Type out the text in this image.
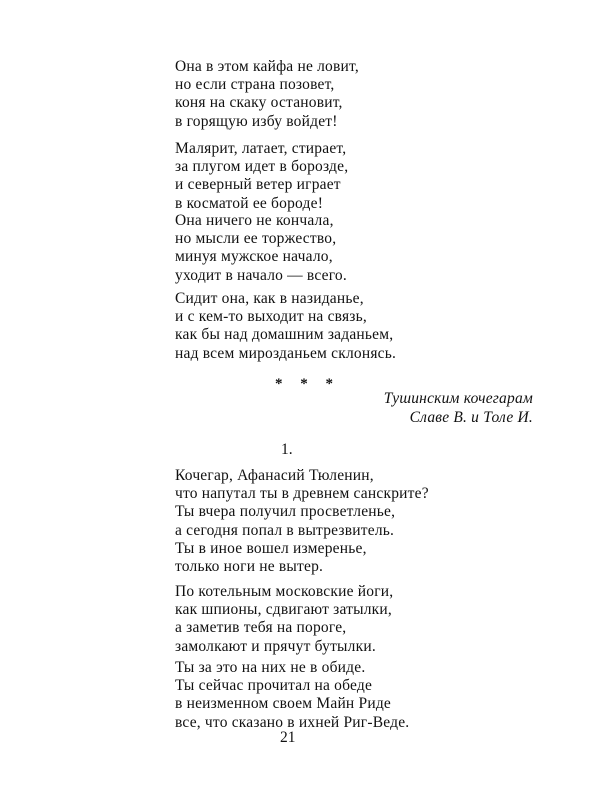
Она в этом кайфа не ловит,
но если страна позовет,
коня на скаку остановит,
в горящую избу войдет!
Малярит, латает, стирает,
за плугом идет в борозде,
и северный ветер играет
в косматой ее бороде!
Она ничего не кончала,
но мысли ее торжество,
минуя мужское начало,
уходит в начало — всего.
Сидит она, как в назиданье,
и с кем-то выходит на связь,
как бы над домашним заданьем,
над всем мирозданьем склонясь.
* * *
Тушинским кочегарам
Славе В. и Толе И.
1.
Кочегар, Афанасий Тюленин,
что напутал ты в древнем санскрите?
Ты вчера получил просветленье,
а сегодня попал в вытрезвитель.
Ты в иное вошел измеренье,
только ноги не вытер.
По котельным московские йоги,
как шпионы, сдвигают затылки,
а заметив тебя на пороге,
замолкают и прячут бутылки.
Ты за это на них не в обиде.
Ты сейчас прочитал на обеде
в неизменном своем Майн Риде
все, что сказано в ихней Риг-Веде.
21
